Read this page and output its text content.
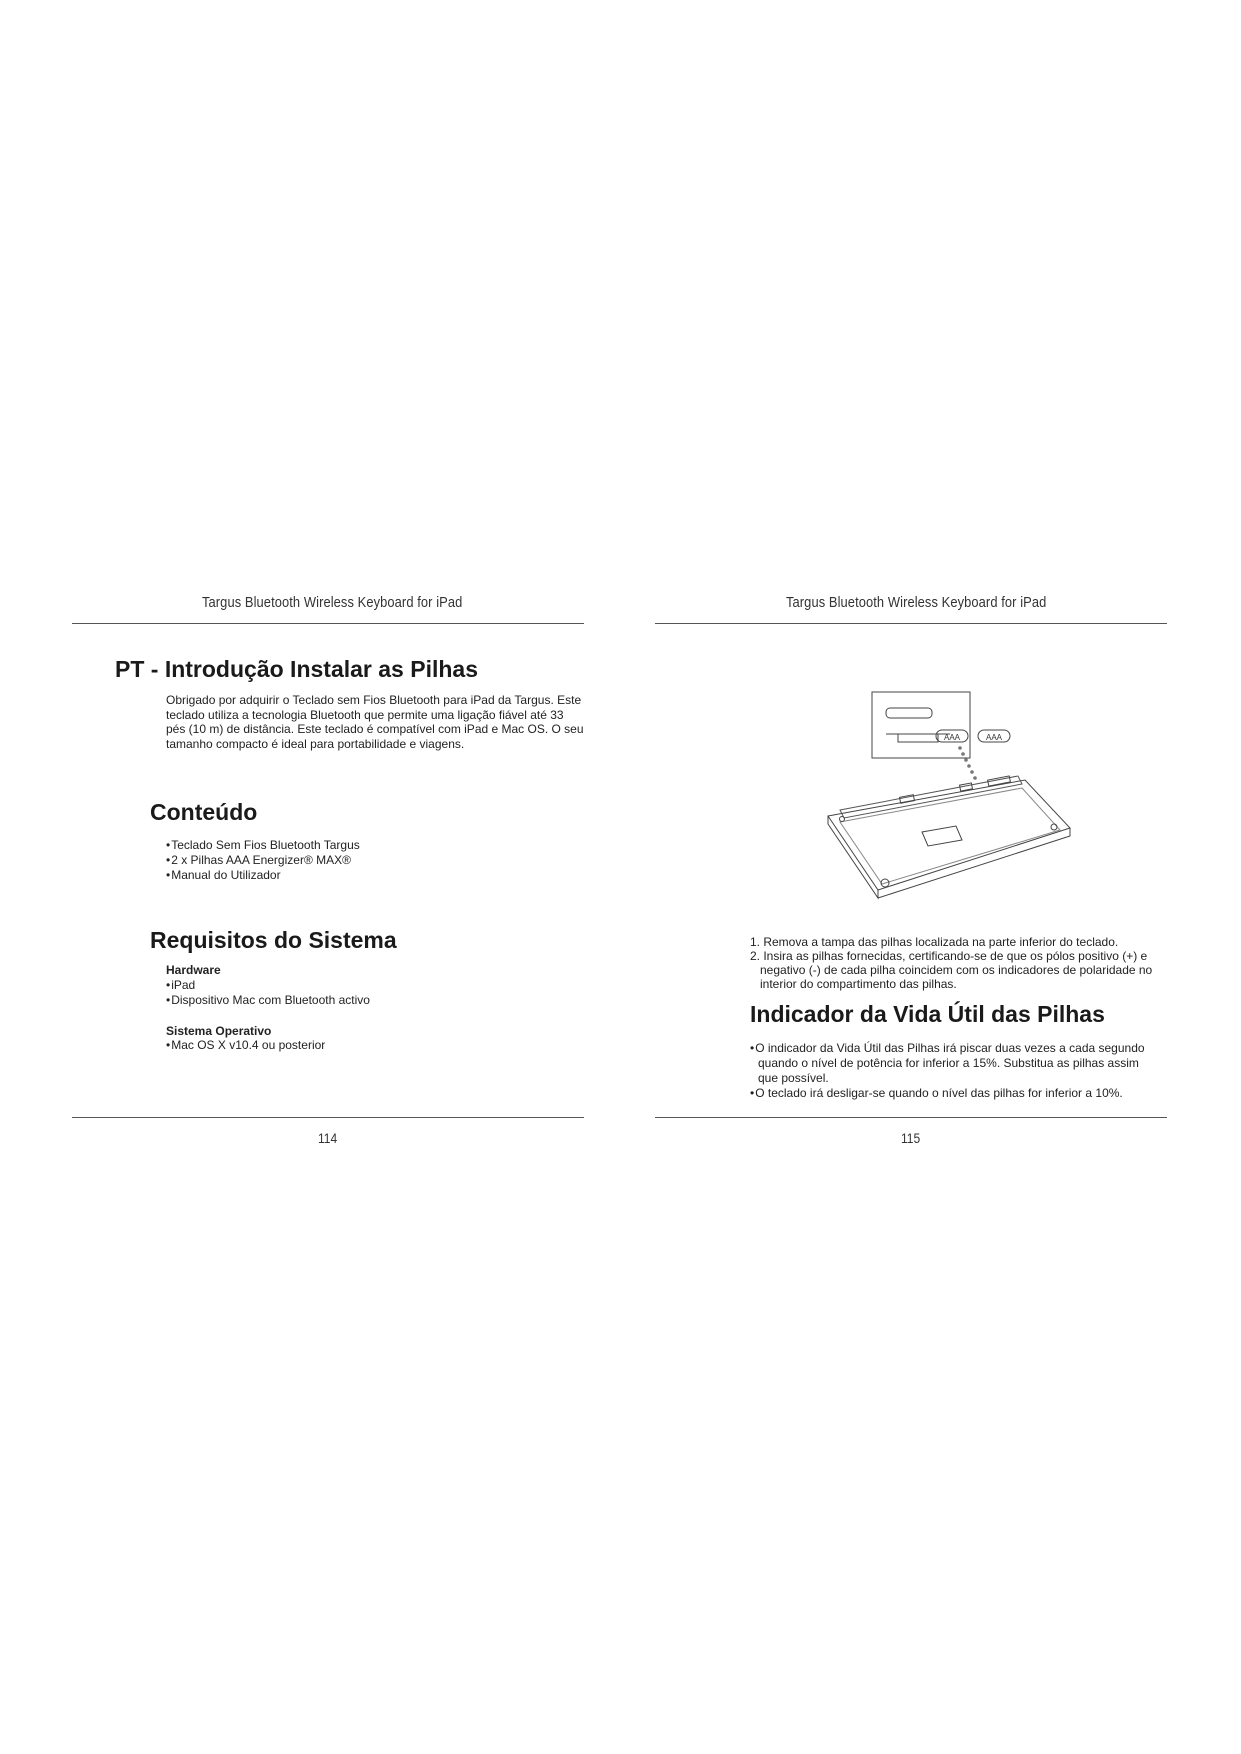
Targus Bluetooth Wireless Keyboard for iPad
PT - Introdução Instalar as Pilhas
Obrigado por adquirir o Teclado sem Fios Bluetooth para iPad da Targus. Este teclado utiliza a tecnologia Bluetooth que permite uma ligação fiável até 33 pés (10 m) de distância. Este teclado é compatível com iPad e Mac OS. O seu tamanho compacto é ideal para portabilidade e viagens.
Conteúdo
• Teclado Sem Fios Bluetooth Targus
• 2 x Pilhas AAA Energizer® MAX®
• Manual do Utilizador
Requisitos do Sistema
Hardware
• iPad
• Dispositivo Mac com Bluetooth activo
Sistema Operativo
• Mac OS X v10.4 ou posterior
114
Targus Bluetooth Wireless Keyboard for iPad
115
AAA	AAA
1. Remova a tampa das pilhas localizada na parte inferior do teclado.
2. Insira as pilhas fornecidas, certificando-se de que os pólos positivo (+) e negativo (-) de cada pilha coincidem com os indicadores de polaridade no interior do compartimento das pilhas.
Indicador da Vida Útil das Pilhas
• O indicador da Vida Útil das Pilhas irá piscar duas vezes a cada segundo quando o nível de potência for inferior a 15%. Substitua as pilhas assim que possível.
• O teclado irá desligar-se quando o nível das pilhas for inferior a 10%.
